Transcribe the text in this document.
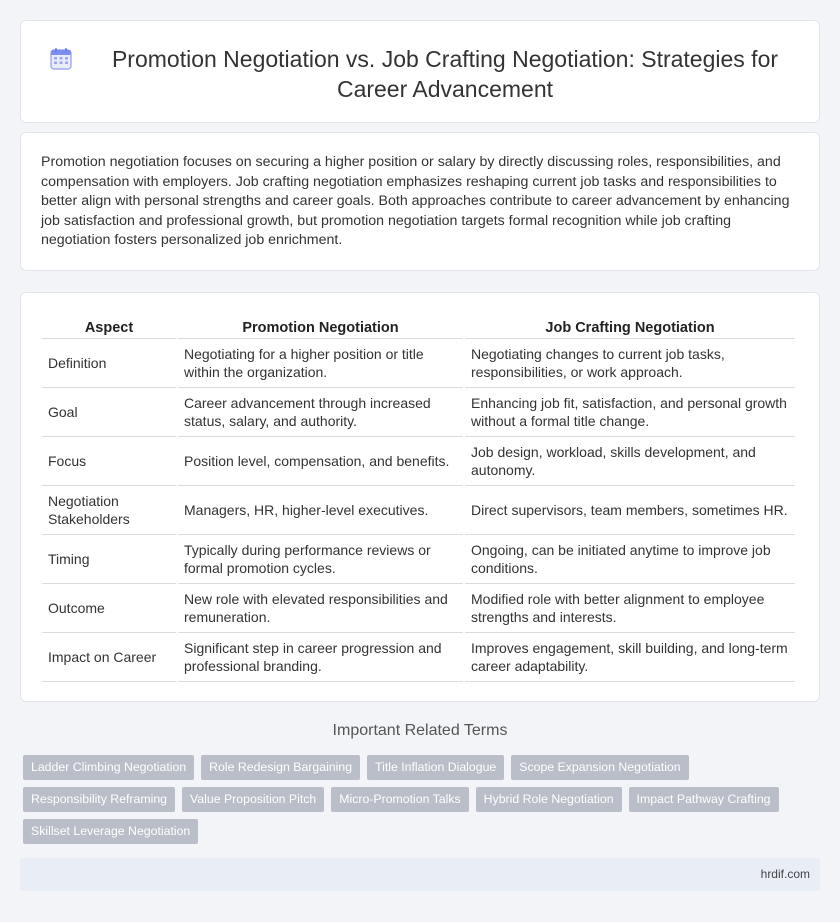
Promotion Negotiation vs. Job Crafting Negotiation: Strategies for Career Advancement

Promotion negotiation focuses on securing a higher position or salary by directly discussing roles, responsibilities, and compensation with employers. Job crafting negotiation emphasizes reshaping current job tasks and responsibilities to better align with personal strengths and career goals. Both approaches contribute to career advancement by enhancing job satisfaction and professional growth, but promotion negotiation targets formal recognition while job crafting negotiation fosters personalized job enrichment.

Aspect	Promotion Negotiation	Job Crafting Negotiation
Definition	Negotiating for a higher position or title within the organization.	Negotiating changes to current job tasks, responsibilities, or work approach.
Goal	Career advancement through increased status, salary, and authority.	Enhancing job fit, satisfaction, and personal growth without a formal title change.
Focus	Position level, compensation, and benefits.	Job design, workload, skills development, and autonomy.
Negotiation Stakeholders	Managers, HR, higher-level executives.	Direct supervisors, team members, sometimes HR.
Timing	Typically during performance reviews or formal promotion cycles.	Ongoing, can be initiated anytime to improve job conditions.
Outcome	New role with elevated responsibilities and remuneration.	Modified role with better alignment to employee strengths and interests.
Impact on Career	Significant step in career progression and professional branding.	Improves engagement, skill building, and long-term career adaptability.
Important Related Terms
Ladder Climbing Negotiation	Role Redesign Bargaining	Title Inflation Dialogue	Scope Expansion Negotiation
Responsibility Reframing	Value Proposition Pitch	Micro-Promotion Talks	Hybrid Role Negotiation	Impact Pathway Crafting
Skillset Leverage Negotiation
hrdif.com
